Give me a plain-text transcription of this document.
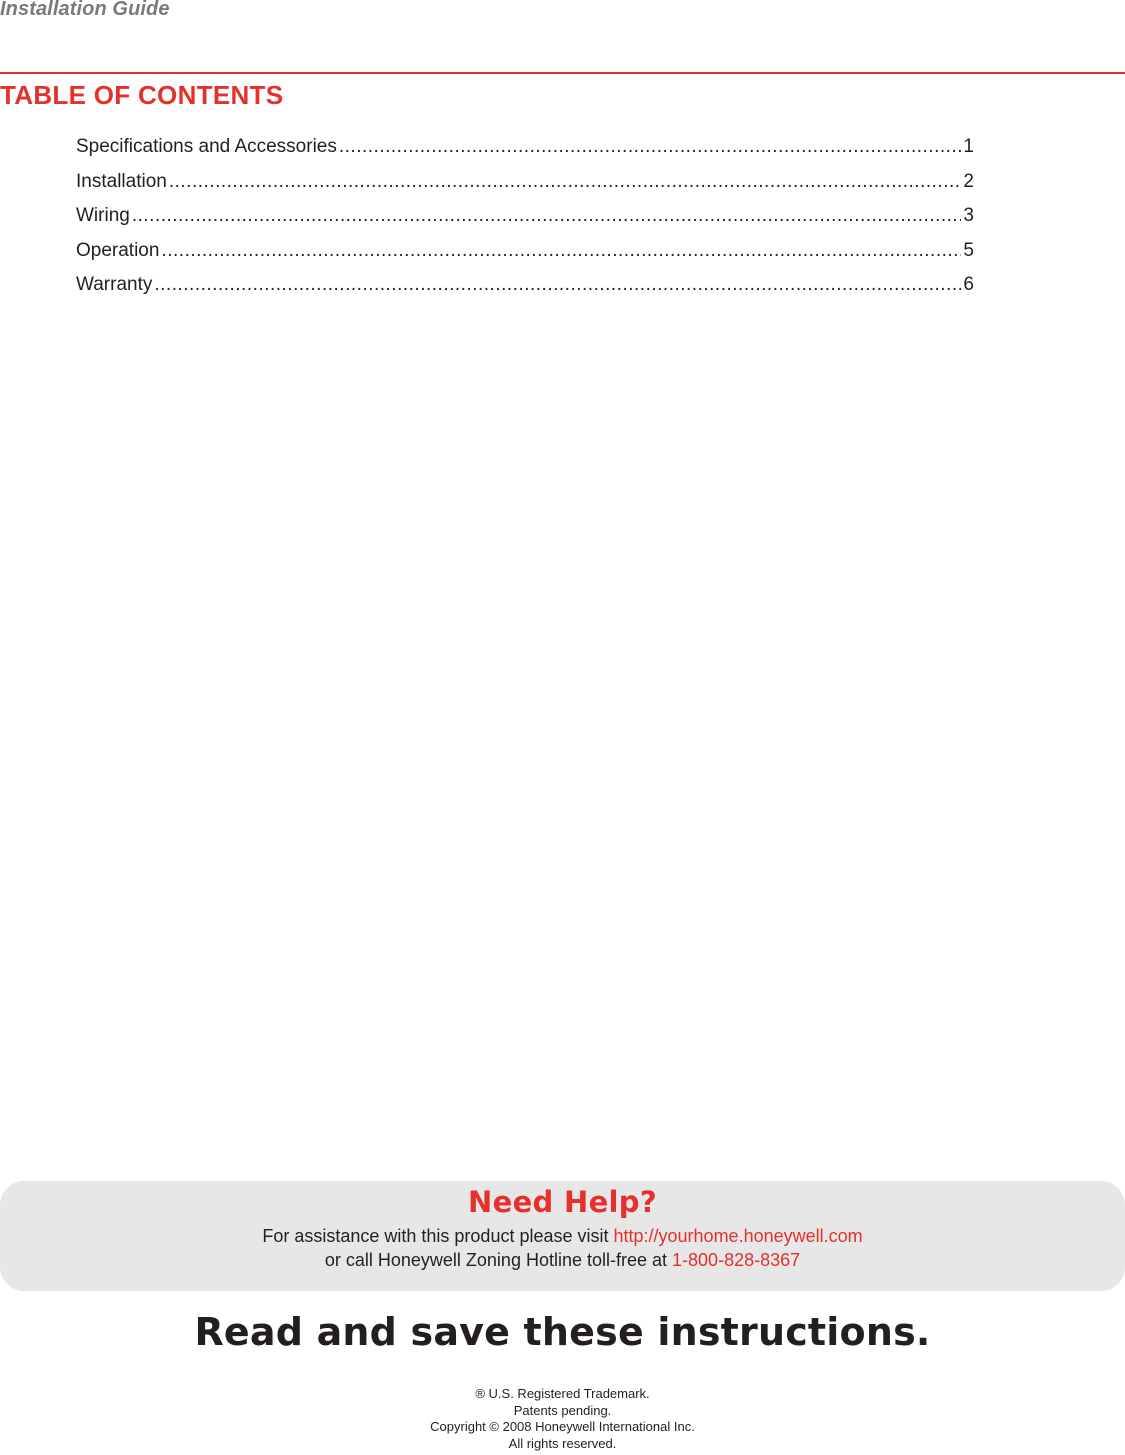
Installation Guide
TABLE OF CONTENTS
Specifications and Accessories .....	1
Installation .....	2
Wiring .....	3
Operation .....	5
Warranty .....	6
Need Help?
For assistance with this product please visit http://yourhome.honeywell.com
or call Honeywell Zoning Hotline toll-free at 1-800-828-8367
Read and save these instructions.
® U.S. Registered Trademark.
Patents pending.
Copyright © 2008 Honeywell International Inc.
All rights reserved.
